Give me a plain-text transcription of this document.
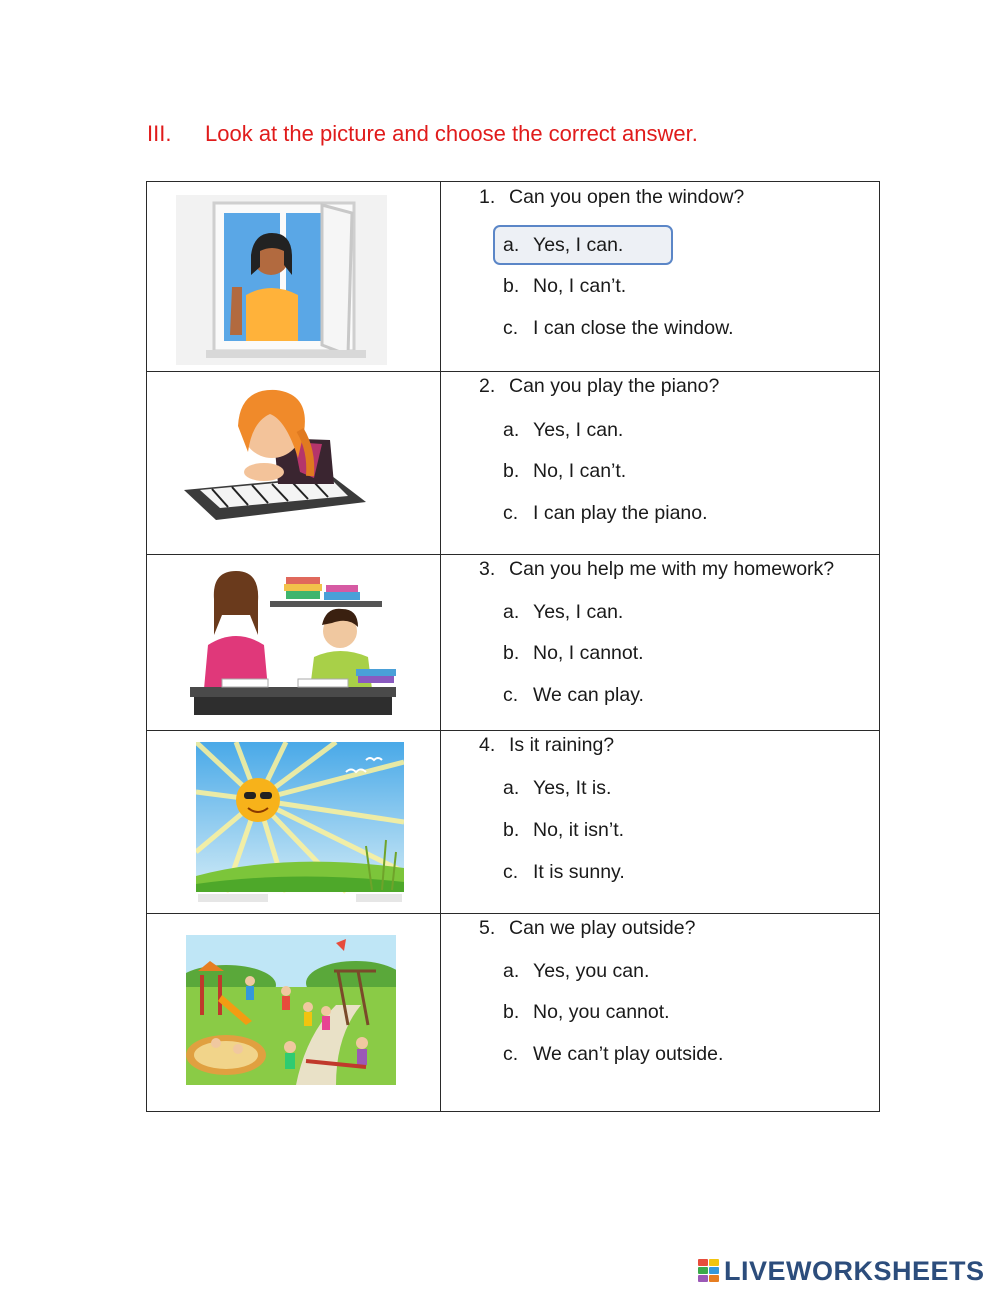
III.	Look at the picture and choose the correct answer.

1. Can you open the window?
a. Yes, I can.
b. No, I can’t.
c. I can close the window.

2. Can you play the piano?
a. Yes, I can.
b. No, I can’t.
c. I can play the piano.

3. Can you help me with my homework?
a. Yes, I can.
b. No, I cannot.
c. We can play.

4. Is it raining?
a. Yes, It is.
b. No, it isn’t.
c. It is sunny.

5. Can we play outside?
a. Yes, you can.
b. No, you cannot.
c. We can’t play outside.
LIVEWORKSHEETS
